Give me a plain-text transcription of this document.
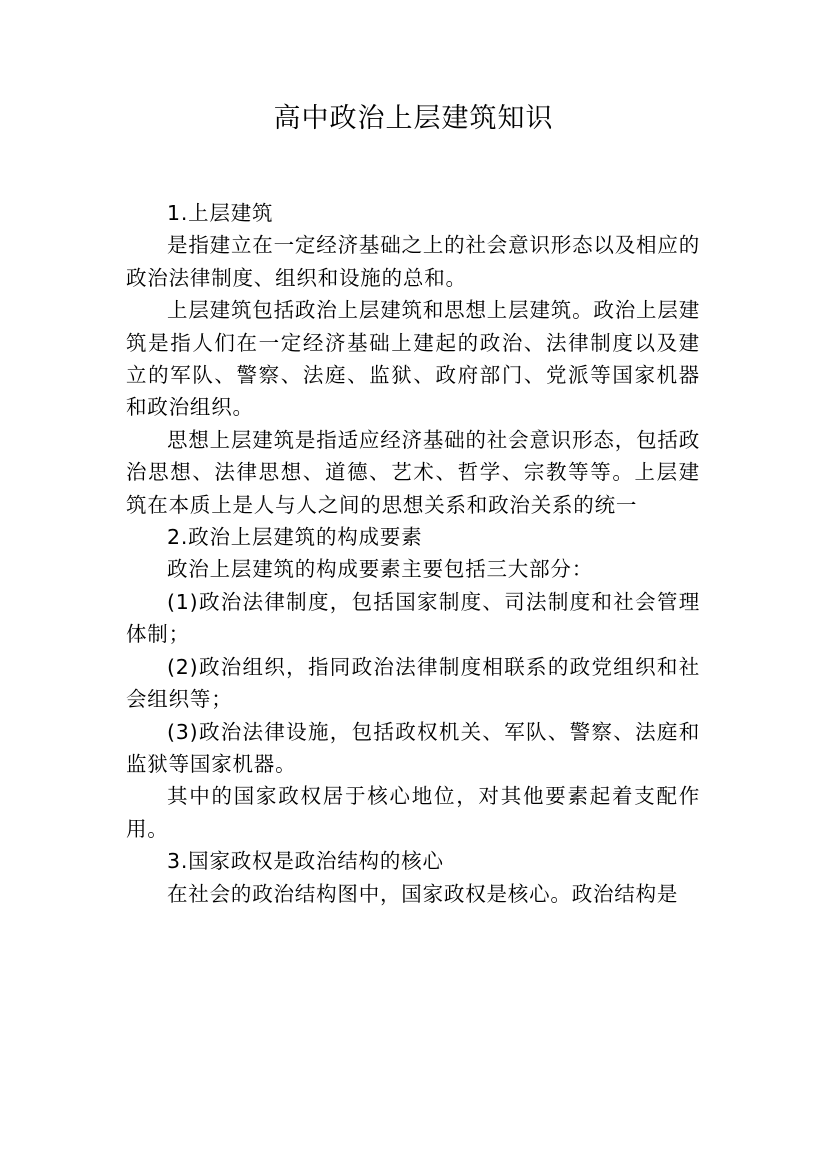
高中政治上层建筑知识

1.上层建筑

是指建立在一定经济基础之上的社会意识形态以及相应的政治法律制度、组织和设施的总和。

上层建筑包括政治上层建筑和思想上层建筑。政治上层建筑是指人们在一定经济基础上建起的政治、法律制度以及建立的军队、警察、法庭、监狱、政府部门、党派等国家机器和政治组织。

思想上层建筑是指适应经济基础的社会意识形态，包括政治思想、法律思想、道德、艺术、哲学、宗教等等。上层建筑在本质上是人与人之间的思想关系和政治关系的统一

2.政治上层建筑的构成要素

政治上层建筑的构成要素主要包括三大部分：

(1)政治法律制度，包括国家制度、司法制度和社会管理体制；

(2)政治组织，指同政治法律制度相联系的政党组织和社会组织等；

(3)政治法律设施，包括政权机关、军队、警察、法庭和监狱等国家机器。

其中的国家政权居于核心地位，对其他要素起着支配作用。

3.国家政权是政治结构的核心

在社会的政治结构图中，国家政权是核心。政治结构是
